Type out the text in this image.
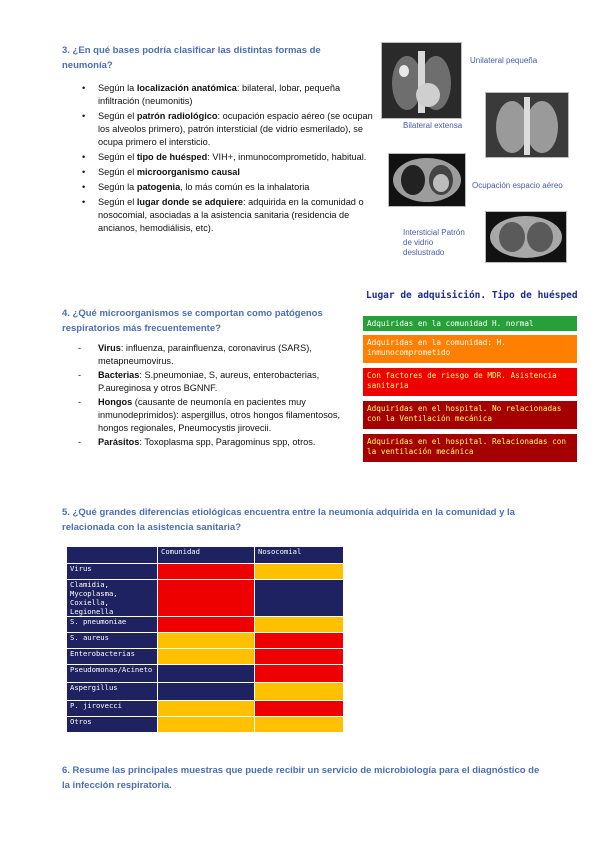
3. ¿En qué bases podría clasificar las distintas formas de neumonía?
• Según la localización anatómica: bilateral, lobar, pequeña infiltración (neumonitis)
• Según el patrón radiológico: ocupación espacio aéreo (se ocupan los alveolos primero), patrón intersticial (de vidrio esmerilado), se ocupa primero el intersticio.
• Según el tipo de huésped: VIH+, inmunocomprometido, habitual.
• Según el microorganismo causal
• Según la patogenia, lo más común es la inhalatoria
• Según el lugar donde se adquiere: adquirida en la comunidad o nosocomial, asociadas a la asistencia sanitaria (residencia de ancianos, hemodiálisis, etc).
Unilateral pequeña
Bilateral extensa
Ocupación espacio aéreo
Intersticial Patrón de vidrio deslustrado
4. ¿Qué microorganismos se comportan como patógenos respiratorios más frecuentemente?
- Virus: influenza, parainfluenza, coronavirus (SARS), metapneumovirus.
- Bacterias: S.pneumoniae, S, aureus, enterobacterias, P.aureginosa y otros BGNNF.
- Hongos (causante de neumonía en pacientes muy inmunodeprimidos): aspergillus, otros hongos filamentosos, hongos regionales, Pneumocystis jirovecii.
- Parásitos: Toxoplasma spp, Paragominus spp, otros.
Lugar de adquisición. Tipo de huésped
Adquiridas en la comunidad H. normal
Adquiridas en la comunidad: H. inmunocomprometido
Con factores de riesgo de MDR. Asistencia sanitaria
Adquiridas en el hospital. No relacionadas con la Ventilación mecánica
Adquiridas en el hospital. Relacionadas con la ventilación mecánica
5. ¿Qué grandes diferencias etiológicas encuentra entre la neumonía adquirida en la comunidad y la relacionada con la asistencia sanitaria?
	Comunidad	Nosocomial
Virus		
Clamidia, Mycoplasma, Coxiella, Legionella		
S. pneumoniae		
S. aureus		
Enterobacterias		
Pseudomonas/Acineto		
Aspergillus		
P. jirovecci		
Otros		
6. Resume las principales muestras que puede recibir un servicio de microbiología para el diagnóstico de la infección respiratoria.
